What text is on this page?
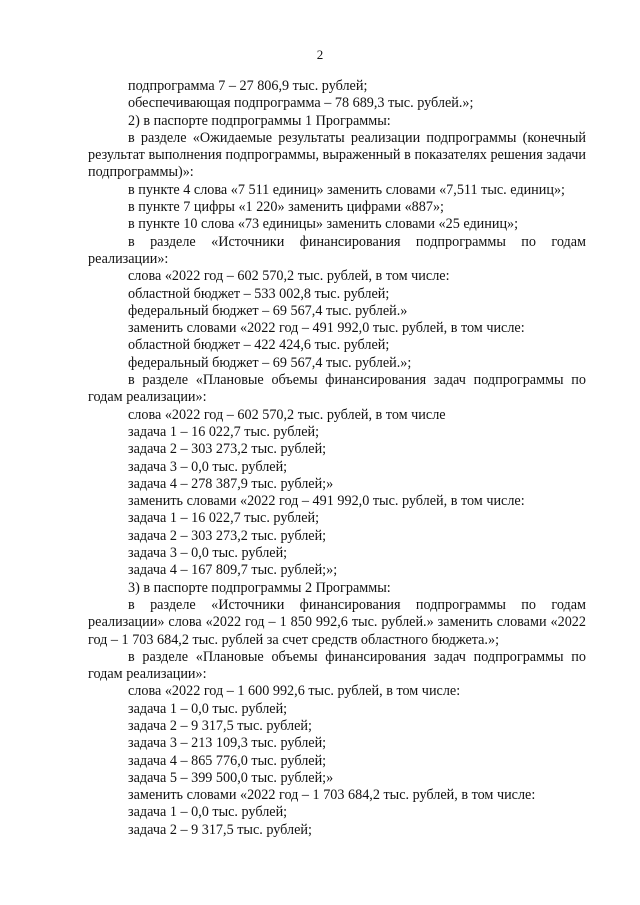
2

подпрограмма 7 – 27 806,9 тыс. рублей;

обеспечивающая подпрограмма – 78 689,3 тыс. рублей.»;

2) в паспорте подпрограммы 1 Программы:

в разделе «Ожидаемые результаты реализации подпрограммы (конечный результат выполнения подпрограммы, выраженный в показателях решения задачи подпрограммы)»:

в пункте 4 слова «7 511 единиц» заменить словами «7,511 тыс. единиц»;

в пункте 7 цифры «1 220» заменить цифрами «887»;

в пункте 10 слова «73 единицы» заменить словами «25 единиц»;

в разделе «Источники финансирования подпрограммы по годам реализации»:

слова «2022 год – 602 570,2 тыс. рублей, в том числе:

областной бюджет – 533 002,8 тыс. рублей;

федеральный бюджет – 69 567,4 тыс. рублей.»

заменить словами «2022 год – 491 992,0 тыс. рублей, в том числе:

областной бюджет – 422 424,6 тыс. рублей;

федеральный бюджет – 69 567,4 тыс. рублей.»;

в разделе «Плановые объемы финансирования задач подпрограммы по годам реализации»:

слова «2022 год – 602 570,2 тыс. рублей, в том числе

задача 1 – 16 022,7 тыс. рублей;

задача 2 – 303 273,2 тыс. рублей;

задача 3 – 0,0 тыс. рублей;

задача 4 – 278 387,9 тыс. рублей;»

заменить словами «2022 год – 491 992,0 тыс. рублей, в том числе:

задача 1 – 16 022,7 тыс. рублей;

задача 2 – 303 273,2 тыс. рублей;

задача 3 – 0,0 тыс. рублей;

задача 4 – 167 809,7 тыс. рублей;»;

3) в паспорте подпрограммы 2 Программы:

в разделе «Источники финансирования подпрограммы по годам реализации» слова «2022 год – 1 850 992,6 тыс. рублей.» заменить словами «2022 год – 1 703 684,2 тыс. рублей за счет средств областного бюджета.»;

в разделе «Плановые объемы финансирования задач подпрограммы по годам реализации»:

слова «2022 год – 1 600 992,6 тыс. рублей, в том числе:

задача 1 – 0,0 тыс. рублей;

задача 2 – 9 317,5 тыс. рублей;

задача 3 – 213 109,3 тыс. рублей;

задача 4 – 865 776,0 тыс. рублей;

задача 5 – 399 500,0 тыс. рублей;»

заменить словами «2022 год – 1 703 684,2 тыс. рублей, в том числе:

задача 1 – 0,0 тыс. рублей;

задача 2 – 9 317,5 тыс. рублей;
